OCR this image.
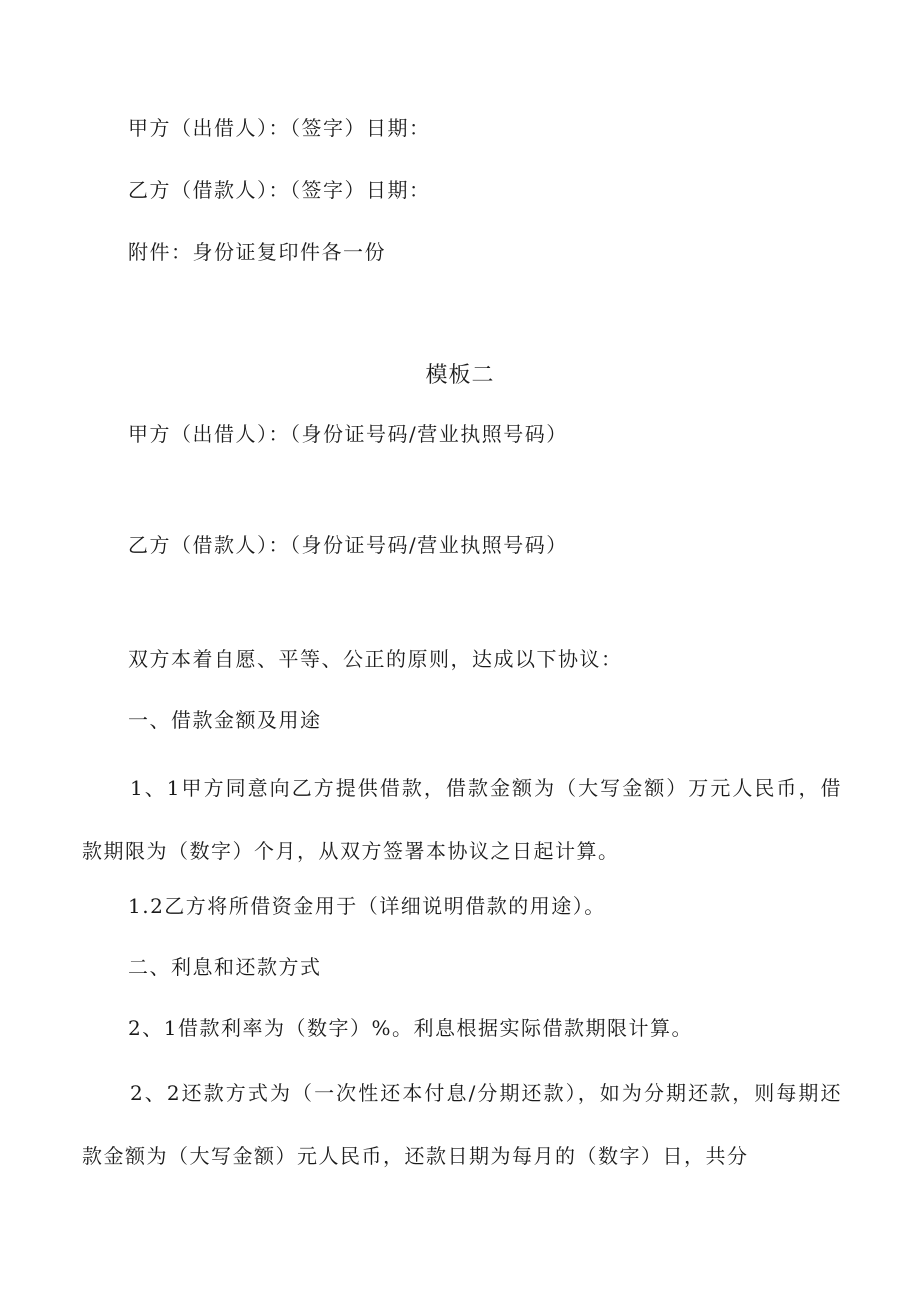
甲方（出借人）：（签字）日期：
乙方（借款人）：（签字）日期：
附件：身份证复印件各一份
模板二
甲方（出借人）：（身份证号码/营业执照号码）
乙方（借款人）：（身份证号码/营业执照号码）
双方本着自愿、平等、公正的原则，达成以下协议：
一、借款金额及用途
1、1甲方同意向乙方提供借款，借款金额为（大写金额）万元人民币，借款期限为（数字）个月，从双方签署本协议之日起计算。
1.2乙方将所借资金用于（详细说明借款的用途）。
二、利息和还款方式
2、1借款利率为（数字）%。利息根据实际借款期限计算。
2、2还款方式为（一次性还本付息/分期还款），如为分期还款，则每期还款金额为（大写金额）元人民币，还款日期为每月的（数字）日，共分
